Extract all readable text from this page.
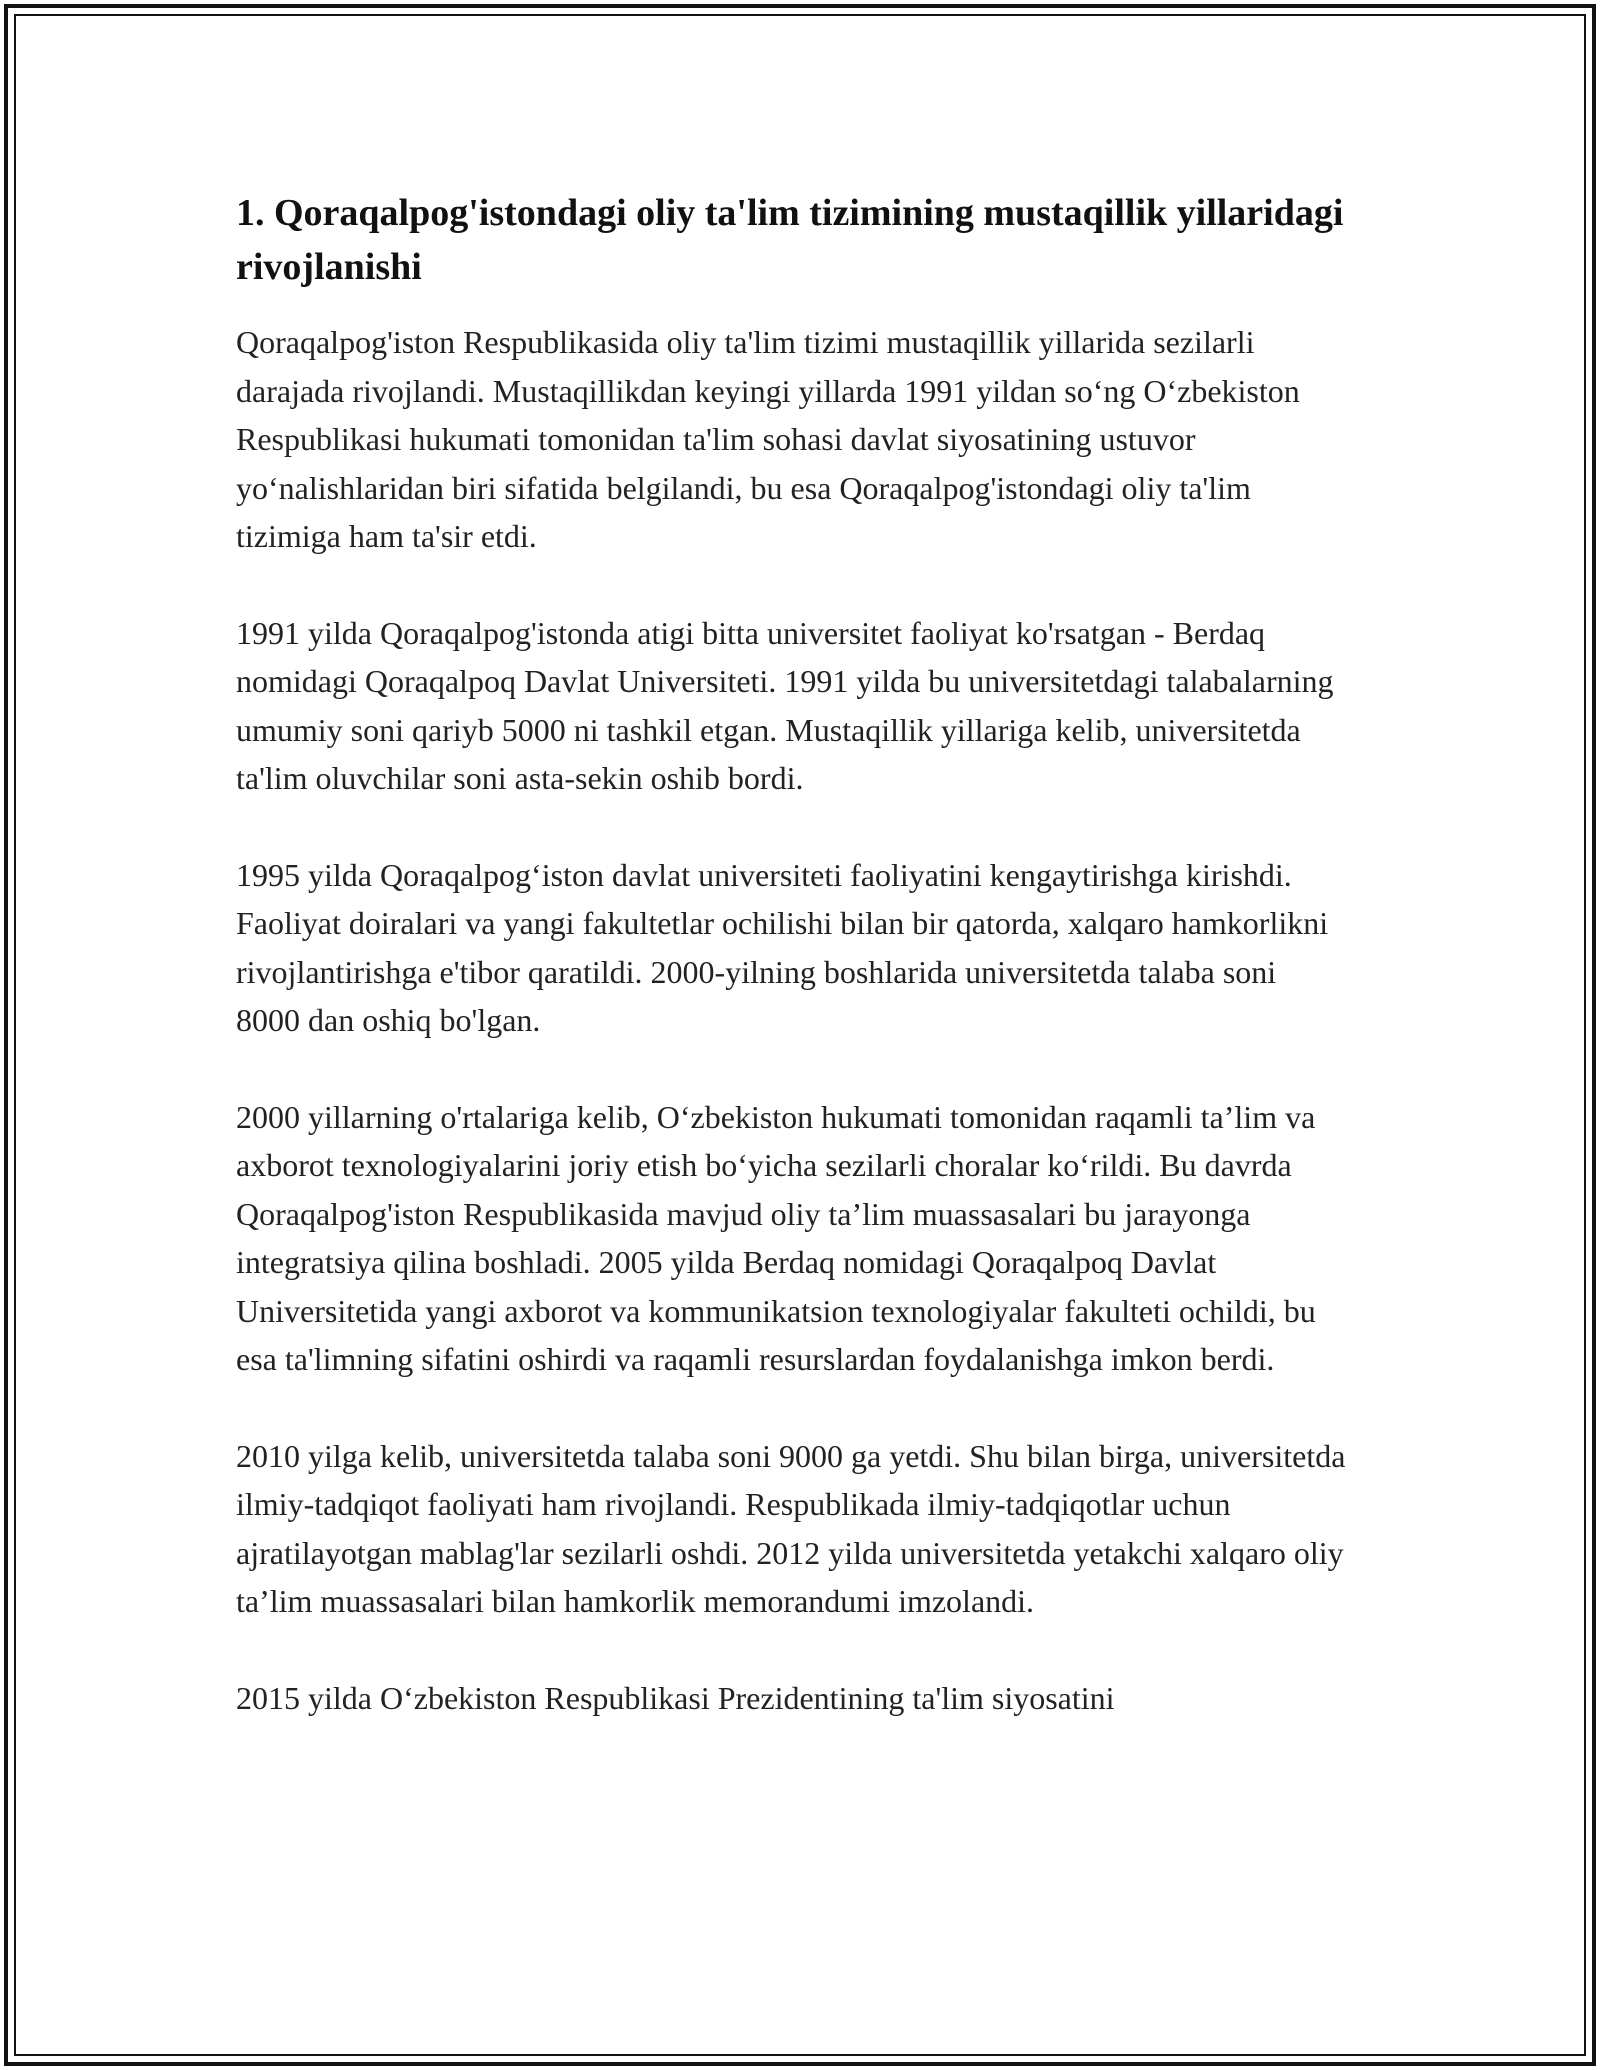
1. Qoraqalpog'istondagi oliy ta'lim tizimining mustaqillik yillaridagi rivojlanishi

Qoraqalpog'iston Respublikasida oliy ta'lim tizimi mustaqillik yillarida sezilarli darajada rivojlandi. Mustaqillikdan keyingi yillarda 1991 yildan so‘ng O‘zbekiston Respublikasi hukumati tomonidan ta'lim sohasi davlat siyosatining ustuvor yo‘nalishlaridan biri sifatida belgilandi, bu esa Qoraqalpog'istondagi oliy ta'lim tizimiga ham ta'sir etdi.

1991 yilda Qoraqalpog'istonda atigi bitta universitet faoliyat ko'rsatgan - Berdaq nomidagi Qoraqalpoq Davlat Universiteti. 1991 yilda bu universitetdagi talabalarning umumiy soni qariyb 5000 ni tashkil etgan. Mustaqillik yillariga kelib, universitetda ta'lim oluvchilar soni asta-sekin oshib bordi.

1995 yilda Qoraqalpog‘iston davlat universiteti faoliyatini kengaytirishga kirishdi. Faoliyat doiralari va yangi fakultetlar ochilishi bilan bir qatorda, xalqaro hamkorlikni rivojlantirishga e'tibor qaratildi. 2000-yilning boshlarida universitetda talaba soni 8000 dan oshiq bo'lgan.

2000 yillarning o'rtalariga kelib, O‘zbekiston hukumati tomonidan raqamli ta’lim va axborot texnologiyalarini joriy etish bo‘yicha sezilarli choralar ko‘rildi. Bu davrda Qoraqalpog'iston Respublikasida mavjud oliy ta’lim muassasalari bu jarayonga integratsiya qilina boshladi. 2005 yilda Berdaq nomidagi Qoraqalpoq Davlat Universitetida yangi axborot va kommunikatsion texnologiyalar fakulteti ochildi, bu esa ta'limning sifatini oshirdi va raqamli resurslardan foydalanishga imkon berdi.

2010 yilga kelib, universitetda talaba soni 9000 ga yetdi. Shu bilan birga, universitetda ilmiy-tadqiqot faoliyati ham rivojlandi. Respublikada ilmiy-tadqiqotlar uchun ajratilayotgan mablag'lar sezilarli oshdi. 2012 yilda universitetda yetakchi xalqaro oliy ta’lim muassasalari bilan hamkorlik memorandumi imzolandi.

2015 yilda O‘zbekiston Respublikasi Prezidentining ta'lim siyosatini
